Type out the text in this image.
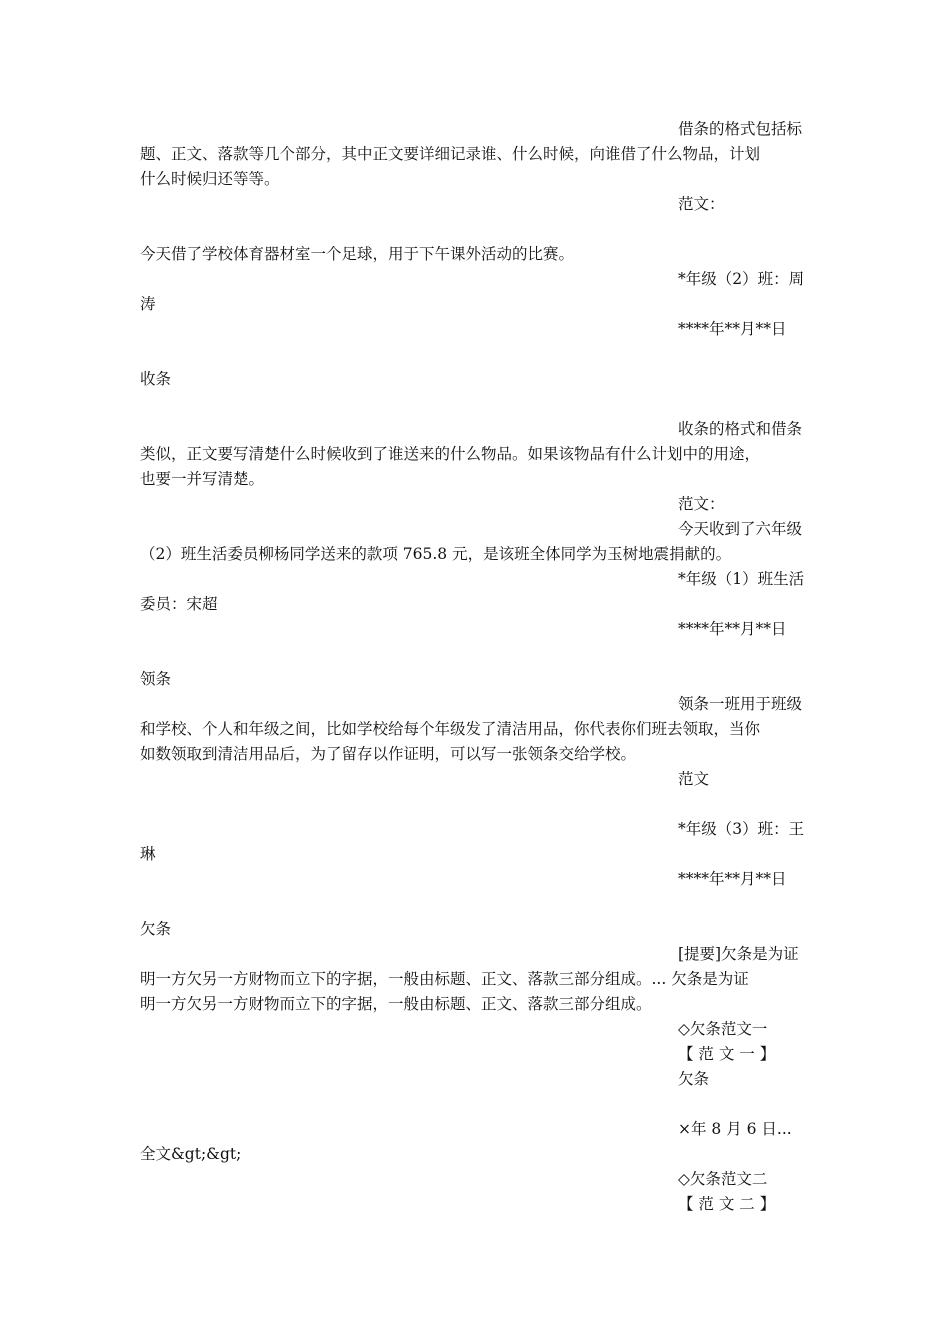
借条的格式包括标

题、正文、落款等几个部分，其中正文要详细记录谁、什么时候，向谁借了什么物品，计划

什么时候归还等等。

范文：

今天借了学校体育器材室一个足球，用于下午课外活动的比赛。

*年级（2）班：周

涛

****年**月**日

收条

收条的格式和借条

类似，正文要写清楚什么时候收到了谁送来的什么物品。如果该物品有什么计划中的用途，

也要一并写清楚。

范文：

今天收到了六年级

（2）班生活委员柳杨同学送来的款项 765.8 元，是该班全体同学为玉树地震捐献的。

*年级（1）班生活

委员：宋超

****年**月**日

领条

领条一班用于班级

和学校、个人和年级之间，比如学校给每个年级发了清洁用品，你代表你们班去领取，当你

如数领取到清洁用品后，为了留存以作证明，可以写一张领条交给学校。

范文

*年级（3）班：王

琳

****年**月**日

欠条

[提要]欠条是为证

明一方欠另一方财物而立下的字据，一般由标题、正文、落款三部分组成。... 欠条是为证

明一方欠另一方财物而立下的字据，一般由标题、正文、落款三部分组成。

◇欠条范文一

【 范 文 一 】

欠条

×年 8 月 6 日...

全文&gt;&gt;

◇欠条范文二

【 范 文 二 】
